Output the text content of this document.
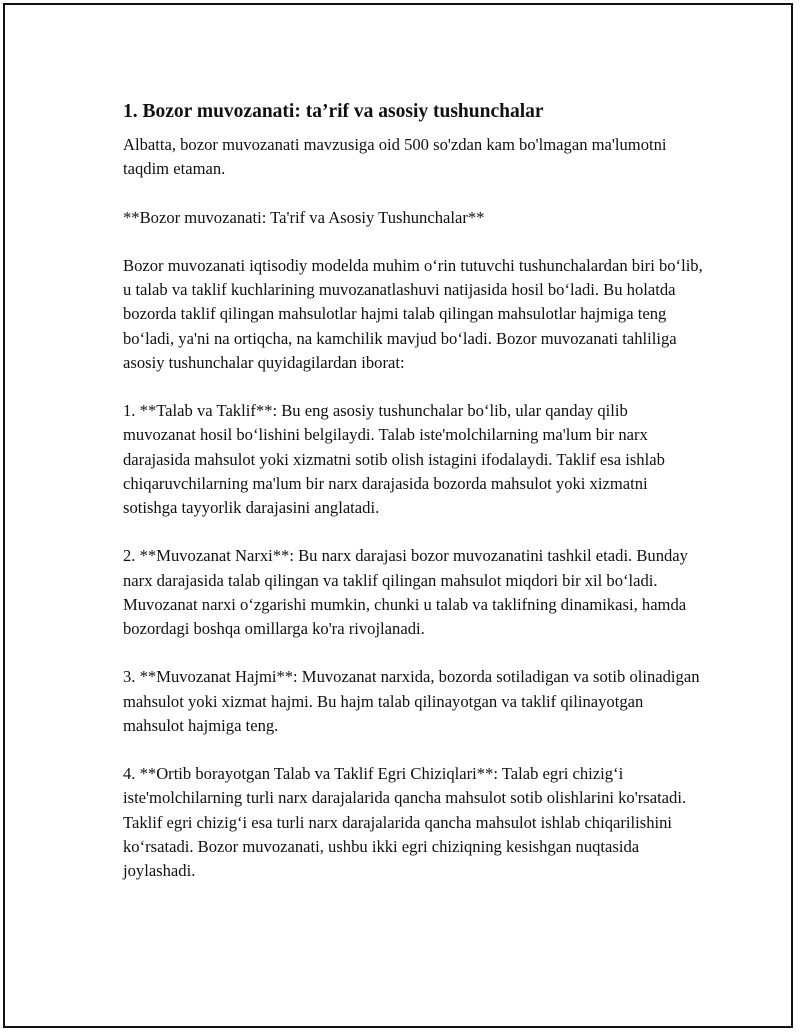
1. Bozor muvozanati: ta’rif va asosiy tushunchalar

Albatta, bozor muvozanati mavzusiga oid 500 so'zdan kam bo'lmagan ma'lumotni taqdim etaman.

**Bozor muvozanati: Ta'rif va Asosiy Tushunchalar**

Bozor muvozanati iqtisodiy modelda muhim oʻrin tutuvchi tushunchalardan biri boʻlib, u talab va taklif kuchlarining muvozanatlashuvi natijasida hosil boʻladi. Bu holatda bozorda taklif qilingan mahsulotlar hajmi talab qilingan mahsulotlar hajmiga teng boʻladi, ya'ni na ortiqcha, na kamchilik mavjud boʻladi. Bozor muvozanati tahliliga asosiy tushunchalar quyidagilardan iborat:

1. **Talab va Taklif**: Bu eng asosiy tushunchalar boʻlib, ular qanday qilib muvozanat hosil boʻlishini belgilaydi. Talab iste'molchilarning ma'lum bir narx darajasida mahsulot yoki xizmatni sotib olish istagini ifodalaydi. Taklif esa ishlab chiqaruvchilarning ma'lum bir narx darajasida bozorda mahsulot yoki xizmatni sotishga tayyorlik darajasini anglatadi.

2. **Muvozanat Narxi**: Bu narx darajasi bozor muvozanatini tashkil etadi. Bunday narx darajasida talab qilingan va taklif qilingan mahsulot miqdori bir xil boʻladi. Muvozanat narxi oʻzgarishi mumkin, chunki u talab va taklifning dinamikasi, hamda bozordagi boshqa omillarga ko'ra rivojlanadi.

3. **Muvozanat Hajmi**: Muvozanat narxida, bozorda sotiladigan va sotib olinadigan mahsulot yoki xizmat hajmi. Bu hajm talab qilinayotgan va taklif qilinayotgan mahsulot hajmiga teng.

4. **Ortib borayotgan Talab va Taklif Egri Chiziqlari**: Talab egri chizigʻi iste'molchilarning turli narx darajalarida qancha mahsulot sotib olishlarini ko'rsatadi. Taklif egri chizigʻi esa turli narx darajalarida qancha mahsulot ishlab chiqarilishini koʻrsatadi. Bozor muvozanati, ushbu ikki egri chiziqning kesishgan nuqtasida joylashadi.
